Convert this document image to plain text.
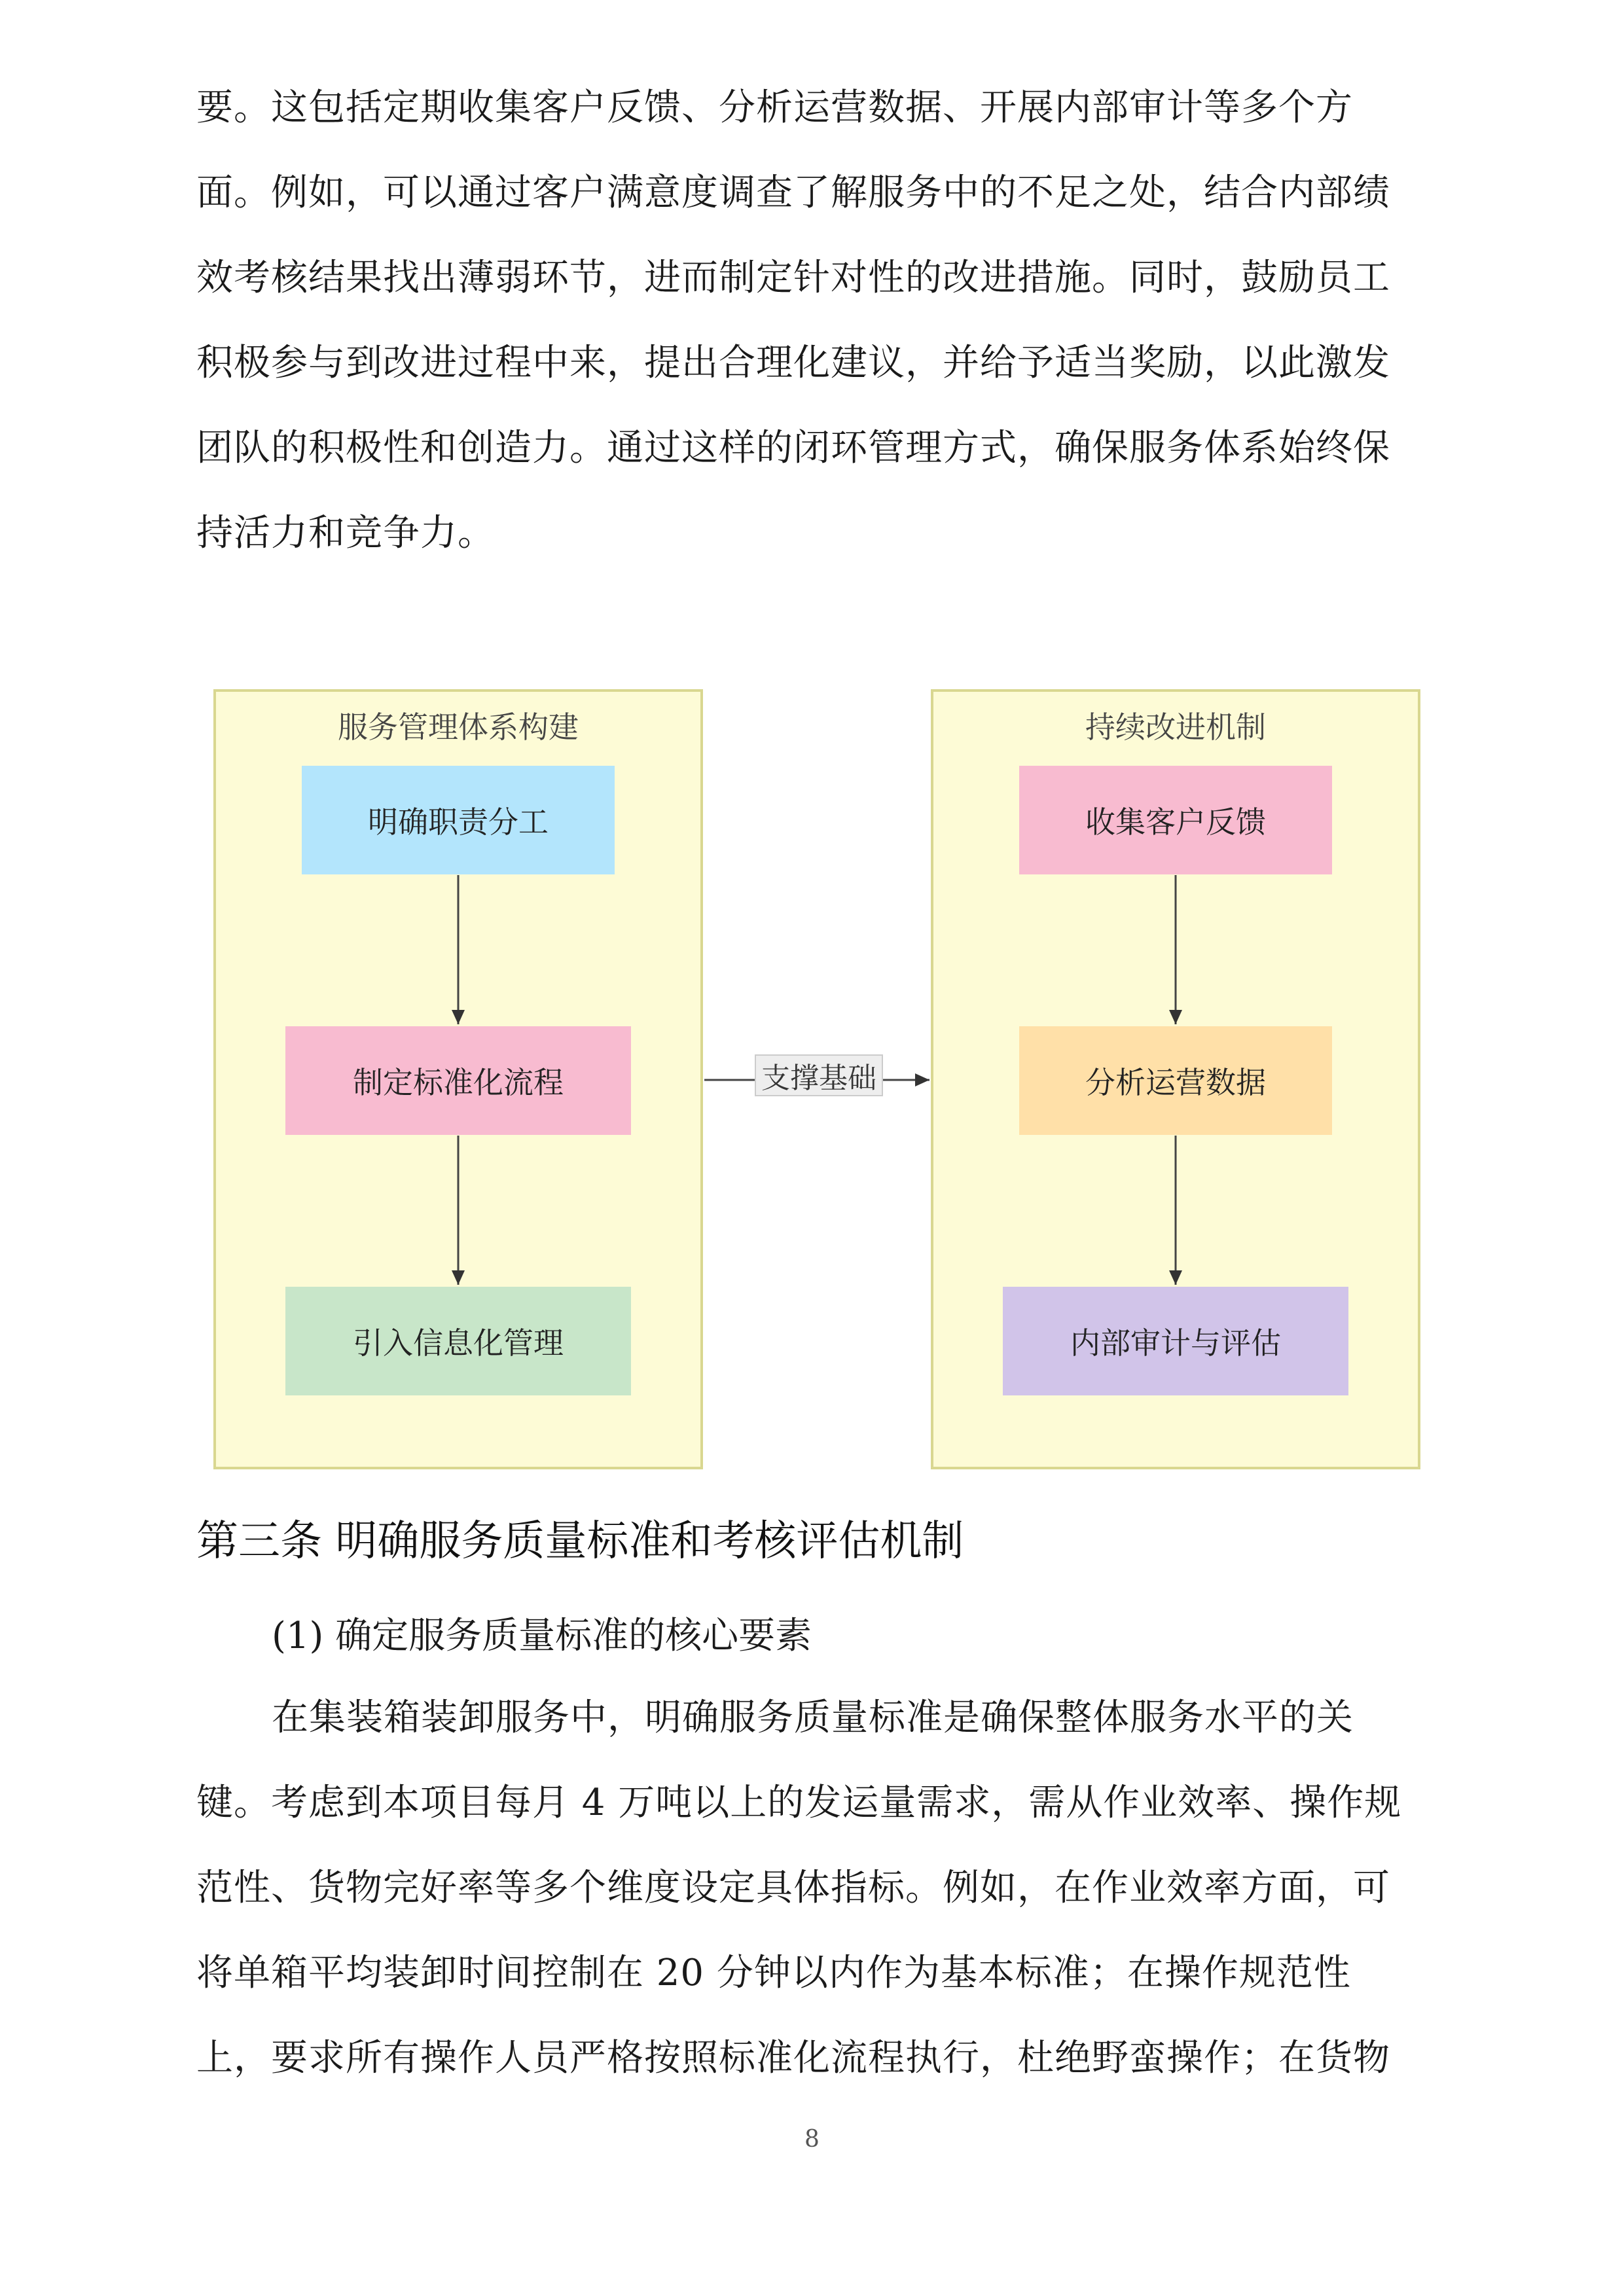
要。这包括定期收集客户反馈、分析运营数据、开展内部审计等多个方
面。例如，可以通过客户满意度调查了解服务中的不足之处，结合内部绩
效考核结果找出薄弱环节，进而制定针对性的改进措施。同时，鼓励员工
积极参与到改进过程中来，提出合理化建议，并给予适当奖励，以此激发
团队的积极性和创造力。通过这样的闭环管理方式，确保服务体系始终保
持活力和竞争力。
服务管理体系构建	持续改进机制
明确职责分工
制定标准化流程
引入信息化管理
收集客户反馈
分析运营数据
内部审计与评估
支撑基础
第三条 明确服务质量标准和考核评估机制
(1) 确定服务质量标准的核心要素
在集装箱装卸服务中，明确服务质量标准是确保整体服务水平的关
键。考虑到本项目每月 4 万吨以上的发运量需求，需从作业效率、操作规
范性、货物完好率等多个维度设定具体指标。例如，在作业效率方面，可
将单箱平均装卸时间控制在 20 分钟以内作为基本标准；在操作规范性
上，要求所有操作人员严格按照标准化流程执行，杜绝野蛮操作；在货物
8
